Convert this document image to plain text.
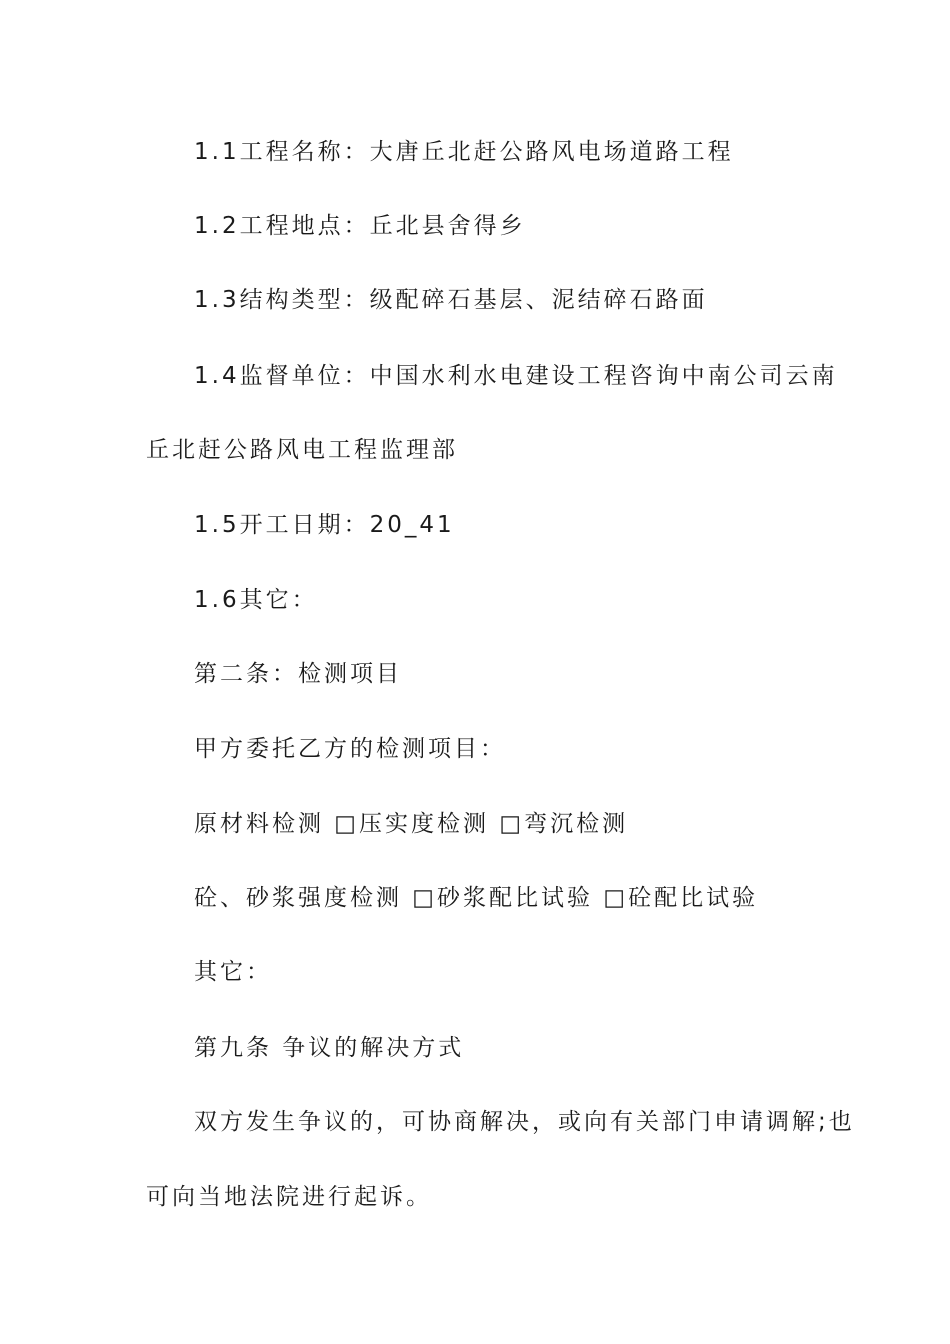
1.1工程名称：大唐丘北赶公路风电场道路工程
1.2工程地点：丘北县舍得乡
1.3结构类型：级配碎石基层、泥结碎石路面
1.4监督单位：中国水利水电建设工程咨询中南公司云南
丘北赶公路风电工程监理部
1.5开工日期：20_41
1.6其它：
第二条：检测项目
甲方委托乙方的检测项目：
原材料检测 □压实度检测 □弯沉检测
砼、砂浆强度检测 □砂浆配比试验 □砼配比试验
其它：
第九条 争议的解决方式
双方发生争议的，可协商解决，或向有关部门申请调解;也
可向当地法院进行起诉。
